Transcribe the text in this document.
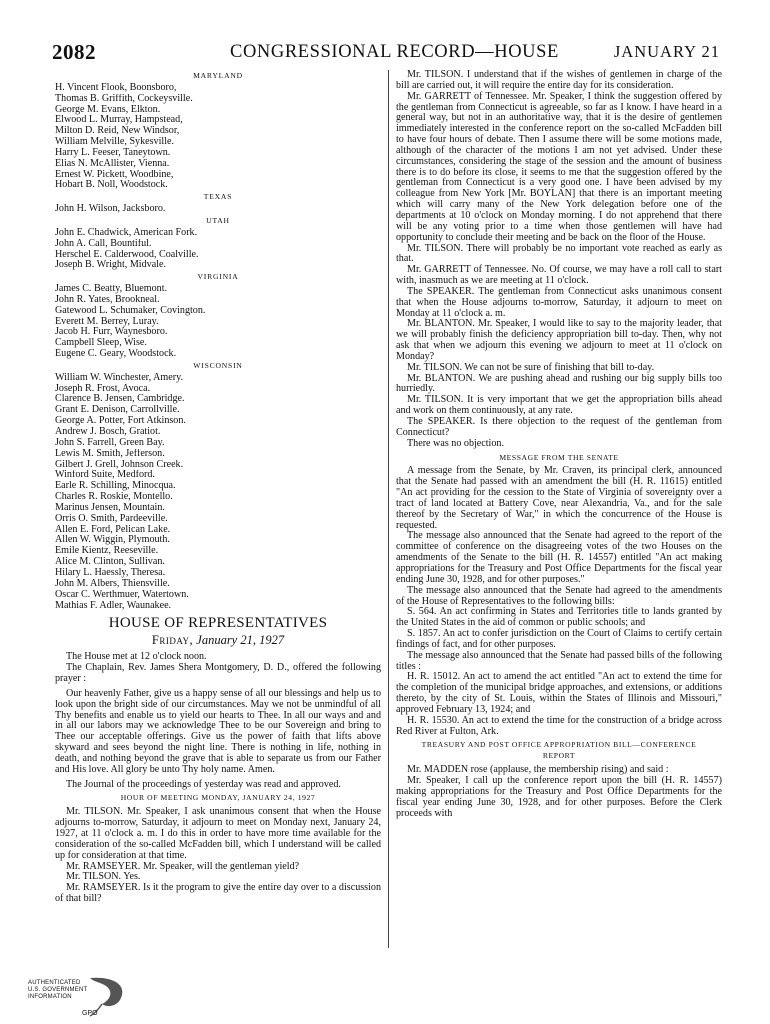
2082	CONGRESSIONAL RECORD—HOUSE	JANUARY 21
MARYLAND
H. Vincent Flook, Boonsboro,
Thomas B. Griffith, Cockeysville.
George M. Evans, Elkton.
Elwood L. Murray, Hampstead,
Milton D. Reid, New Windsor,
William Melville, Sykesville.
Harry L. Feeser, Taneytown.
Elias N. McAllister, Vienna.
Ernest W. Pickett, Woodbine,
Hobart B. Noll, Woodstock.
TEXAS
John H. Wilson, Jacksboro.
UTAH
John E. Chadwick, American Fork.
John A. Call, Bountiful.
Herschel E. Calderwood, Coalville.
Joseph B. Wright, Midvale.
VIRGINIA
James C. Beatty, Bluemont.
John R. Yates, Brookneal.
Gatewood L. Schumaker, Covington.
Everett M. Berrey, Luray.
Jacob H. Furr, Waynesboro.
Campbell Sleep, Wise.
Eugene C. Geary, Woodstock.
WISCONSIN
William W. Winchester, Amery.
Joseph R. Frost, Avoca.
Clarence B. Jensen, Cambridge.
Grant E. Denison, Carrollville.
George A. Potter, Fort Atkinson.
Andrew J. Bosch, Gratiot.
John S. Farrell, Green Bay.
Lewis M. Smith, Jefferson.
Gilbert J. Grell, Johnson Creek.
Winford Suite, Medford.
Earle R. Schilling, Minocqua.
Charles R. Roskie, Montello.
Marinus Jensen, Mountain.
Orris O. Smith, Pardeeville.
Allen E. Ford, Pelican Lake.
Allen W. Wiggin, Plymouth.
Emile Kientz, Reeseville.
Alice M. Clinton, Sullivan.
Hilary L. Haessly, Theresa.
John M. Albers, Thiensville.
Oscar C. Werthmuer, Watertown.
Mathias F. Adler, Waunakee.
HOUSE OF REPRESENTATIVES
Friday, January 21, 1927

The House met at 12 o'clock noon.

The Chaplain, Rev. James Shera Montgomery, D. D., offered the following prayer :

Our heavenly Father, give us a happy sense of all our blessings and help us to look upon the bright side of our circumstances. May we not be unmindful of all Thy benefits and enable us to yield our hearts to Thee. In all our ways and and in all our labors may we acknowledge Thee to be our Sovereign and bring to Thee our acceptable offerings. Give us the power of faith that lifts above skyward and sees beyond the night line. There is nothing in life, nothing in death, and nothing beyond the grave that is able to separate us from our Father and His love. All glory be unto Thy holy name. Amen.

The Journal of the proceedings of yesterday was read and approved.

HOUR OF MEETING MONDAY, JANUARY 24, 1927

Mr. TILSON. Mr. Speaker, I ask unanimous consent that when the House adjourns to-morrow, Saturday, it adjourn to meet on Monday next, January 24, 1927, at 11 o'clock a. m. I do this in order to have more time available for the consideration of the so-called McFadden bill, which I understand will be called up for consideration at that time.

Mr. RAMSEYER. Mr. Speaker, will the gentleman yield?

Mr. TILSON. Yes.

Mr. RAMSEYER. Is it the program to give the entire day over to a discussion of that bill?

Mr. TILSON. I understand that if the wishes of gentlemen in charge of the bill are carried out, it will require the entire day for its consideration.

Mr. GARRETT of Tennessee. Mr. Speaker, I think the suggestion offered by the gentleman from Connecticut is agreeable, so far as I know. I have heard in a general way, but not in an authoritative way, that it is the desire of gentlemen immediately interested in the conference report on the so-called McFadden bill to have four hours of debate. Then I assume there will be some motions made, although of the character of the motions I am not yet advised. Under these circumstances, considering the stage of the session and the amount of business there is to do before its close, it seems to me that the suggestion offered by the gentleman from Connecticut is a very good one. I have been advised by my colleague from New York [Mr. BOYLAN] that there is an important meeting which will carry many of the New York delegation before one of the departments at 10 o'clock on Monday morning. I do not apprehend that there will be any voting prior to a time when those gentlemen will have had opportunity to conclude their meeting and be back on the floor of the House.

Mr. TILSON. There will probably be no important vote reached as early as that.

Mr. GARRETT of Tennessee. No. Of course, we may have a roll call to start with, inasmuch as we are meeting at 11 o'clock.

The SPEAKER. The gentleman from Connecticut asks unanimous consent that when the House adjourns to-morrow, Saturday, it adjourn to meet on Monday at 11 o'clock a. m.

Mr. BLANTON. Mr. Speaker, I would like to say to the majority leader, that we will probably finish the deficiency appropriation bill to-day. Then, why not ask that when we adjourn this evening we adjourn to meet at 11 o'clock on Monday?

Mr. TILSON. We can not be sure of finishing that bill to-day.

Mr. BLANTON. We are pushing ahead and rushing our big supply bills too hurriedly.

Mr. TILSON. It is very important that we get the appropriation bills ahead and work on them continuously, at any rate.

The SPEAKER. Is there objection to the request of the gentleman from Connecticut?

There was no objection.

MESSAGE FROM THE SENATE

A message from the Senate, by Mr. Craven, its principal clerk, announced that the Senate had passed with an amendment the bill (H. R. 11615) entitled "An act providing for the cession to the State of Virginia of sovereignty over a tract of land located at Battery Cove, near Alexandria, Va., and for the sale thereof by the Secretary of War," in which the concurrence of the House is requested.

The message also announced that the Senate had agreed to the report of the committee of conference on the disagreeing votes of the two Houses on the amendments of the Senate to the bill (H. R. 14557) entitled "An act making appropriations for the Treasury and Post Office Departments for the fiscal year ending June 30, 1928, and for other purposes."

The message also announced that the Senate had agreed to the amendments of the House of Representatives to the following bills:

S. 564. An act confirming in States and Territories title to lands granted by the United States in the aid of common or public schools; and

S. 1857. An act to confer jurisdiction on the Court of Claims to certify certain findings of fact, and for other purposes.

The message also announced that the Senate had passed bills of the following titles :

H. R. 15012. An act to amend the act entitled "An act to extend the time for the completion of the municipal bridge approaches, and extensions, or additions thereto, by the city of St. Louis, within the States of Illinois and Missouri," approved February 13, 1924; and

H. R. 15530. An act to extend the time for the construction of a bridge across Red River at Fulton, Ark.

TREASURY AND POST OFFICE APPROPRIATION BILL—CONFERENCE
REPORT

Mr. MADDEN rose (applause, the membership rising) and said :

Mr. Speaker, I call up the conference report upon the bill (H. R. 14557) making appropriations for the Treasury and Post Office Departments for the fiscal year ending June 30, 1928, and for other purposes. Before the Clerk proceeds with

AUTHENTICATED
U.S. GOVERNMENT
INFORMATION
GPO
